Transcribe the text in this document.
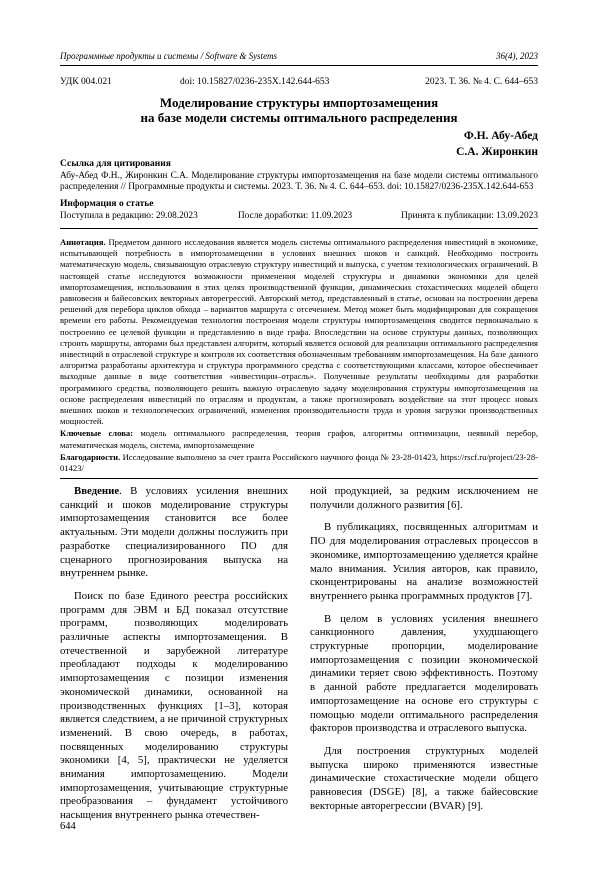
Программные продукты и системы / Software & Systems	36(4), 2023
УДК 004.021	doi: 10.15827/0236-235X.142.644-653	2023. Т. 36. № 4. С. 644–653
Моделирование структуры импортозамещения
на базе модели системы оптимального распределения
Ф.Н. Абу-Абед
С.А. Жиронкин
Ссылка для цитирования
Абу-Абед Ф.Н., Жиронкин С.А. Моделирование структуры импортозамещения на базе модели системы оптимального распределения // Программные продукты и системы. 2023. Т. 36. № 4. С. 644–653. doi: 10.15827/0236-235X.142.644-653
Информация о статье
Поступила в редакцию: 29.08.2023	После доработки: 11.09.2023	Принята к публикации: 13.09.2023

Аннотация. Предметом данного исследования является модель системы оптимального распределения инвестиций в экономике, испытывающей потребность в импортозамещении в условиях внешних шоков и санкций. Необходимо построить математическую модель, связывающую отраслевую структуру инвестиций и выпуска, с учетом технологических ограничений. В настоящей статье исследуются возможности применения моделей структуры и динамики экономики для целей импортозамещения, использования в этих целях производственной функции, динамических стохастических моделей общего равновесия и байесовских векторных авторегрессий. Авторский метод, представленный в статье, основан на построении дерева решений для перебора циклов обхода – вариантов маршрута с отсечением. Метод может быть модифицирован для сокращения времени его работы. Рекомендуемая технология построения модели структуры импортозамещения сводится первоначально к построению ее целевой функции и представлению в виде графа. Впоследствии на основе структуры данных, позволяющих строить маршруты, авторами был представлен алгоритм, который является основой для реализации оптимального распределения инвестиций в отраслевой структуре и контроля их соответствия обозначенным требованиям импортозамещения. На базе данного алгоритма разработаны архитектура и структура программного средства с соответствующими классами, которое обеспечивает выходные данные в виде соответствия «инвестиции–отрасль». Полученные результаты необходимы для разработки программного средства, позволяющего решить важную отраслевую задачу моделирования структуры импортозамещения на основе распределения инвестиций по отраслям и продуктам, а также прогнозировать воздействие на этот процесс новых внешних шоков и технологических ограничений, изменения производительности труда и уровня загрузки производственных мощностей.

Ключевые слова: модель оптимального распределения, теория графов, алгоритмы оптимизации, неявный перебор, математическая модель, система, импортозамещение

Благодарности. Исследование выполнено за счет гранта Российского научного фонда № 23-28-01423, https://rscf.ru/project/23-28-01423/

Введение. В условиях усиления внешних санкций и шоков моделирование структуры импортозамещения становится все более актуальным. Эти модели должны послужить при разработке специализированного ПО для сценарного прогнозирования выпуска на внутреннем рынке.

Поиск по базе Единого реестра российских программ для ЭВМ и БД показал отсутствие программ, позволяющих моделировать различные аспекты импортозамещения. В отечественной и зарубежной литературе преобладают подходы к моделированию импортозамещения с позиции изменения экономической динамики, основанной на производственных функциях [1–3], которая является следствием, а не причиной структурных изменений. В свою очередь, в работах, посвященных моделированию структуры экономики [4, 5], практически не уделяется внимания импортозамещению. Модели импортозамещения, учитывающие структурные преобразования – фундамент устойчивого насыщения внутреннего рынка отечествен-

ной продукцией, за редким исключением не получили должного развития [6].

В публикациях, посвященных алгоритмам и ПО для моделирования отраслевых процессов в экономике, импортозамещению уделяется крайне мало внимания. Усилия авторов, как правило, сконцентрированы на анализе возможностей внутреннего рынка программных продуктов [7].

В целом в условиях усиления внешнего санкционного давления, ухудшающего структурные пропорции, моделирование импортозамещения с позиции экономической динамики теряет свою эффективность. Поэтому в данной работе предлагается моделировать импортозамещение на основе его структуры с помощью модели оптимального распределения факторов производства и отраслевого выпуска.

Для построения структурных моделей выпуска широко применяются известные динамические стохастические модели общего равновесия (DSGE) [8], а также байесовские векторные авторегрессии (BVAR) [9].

644
